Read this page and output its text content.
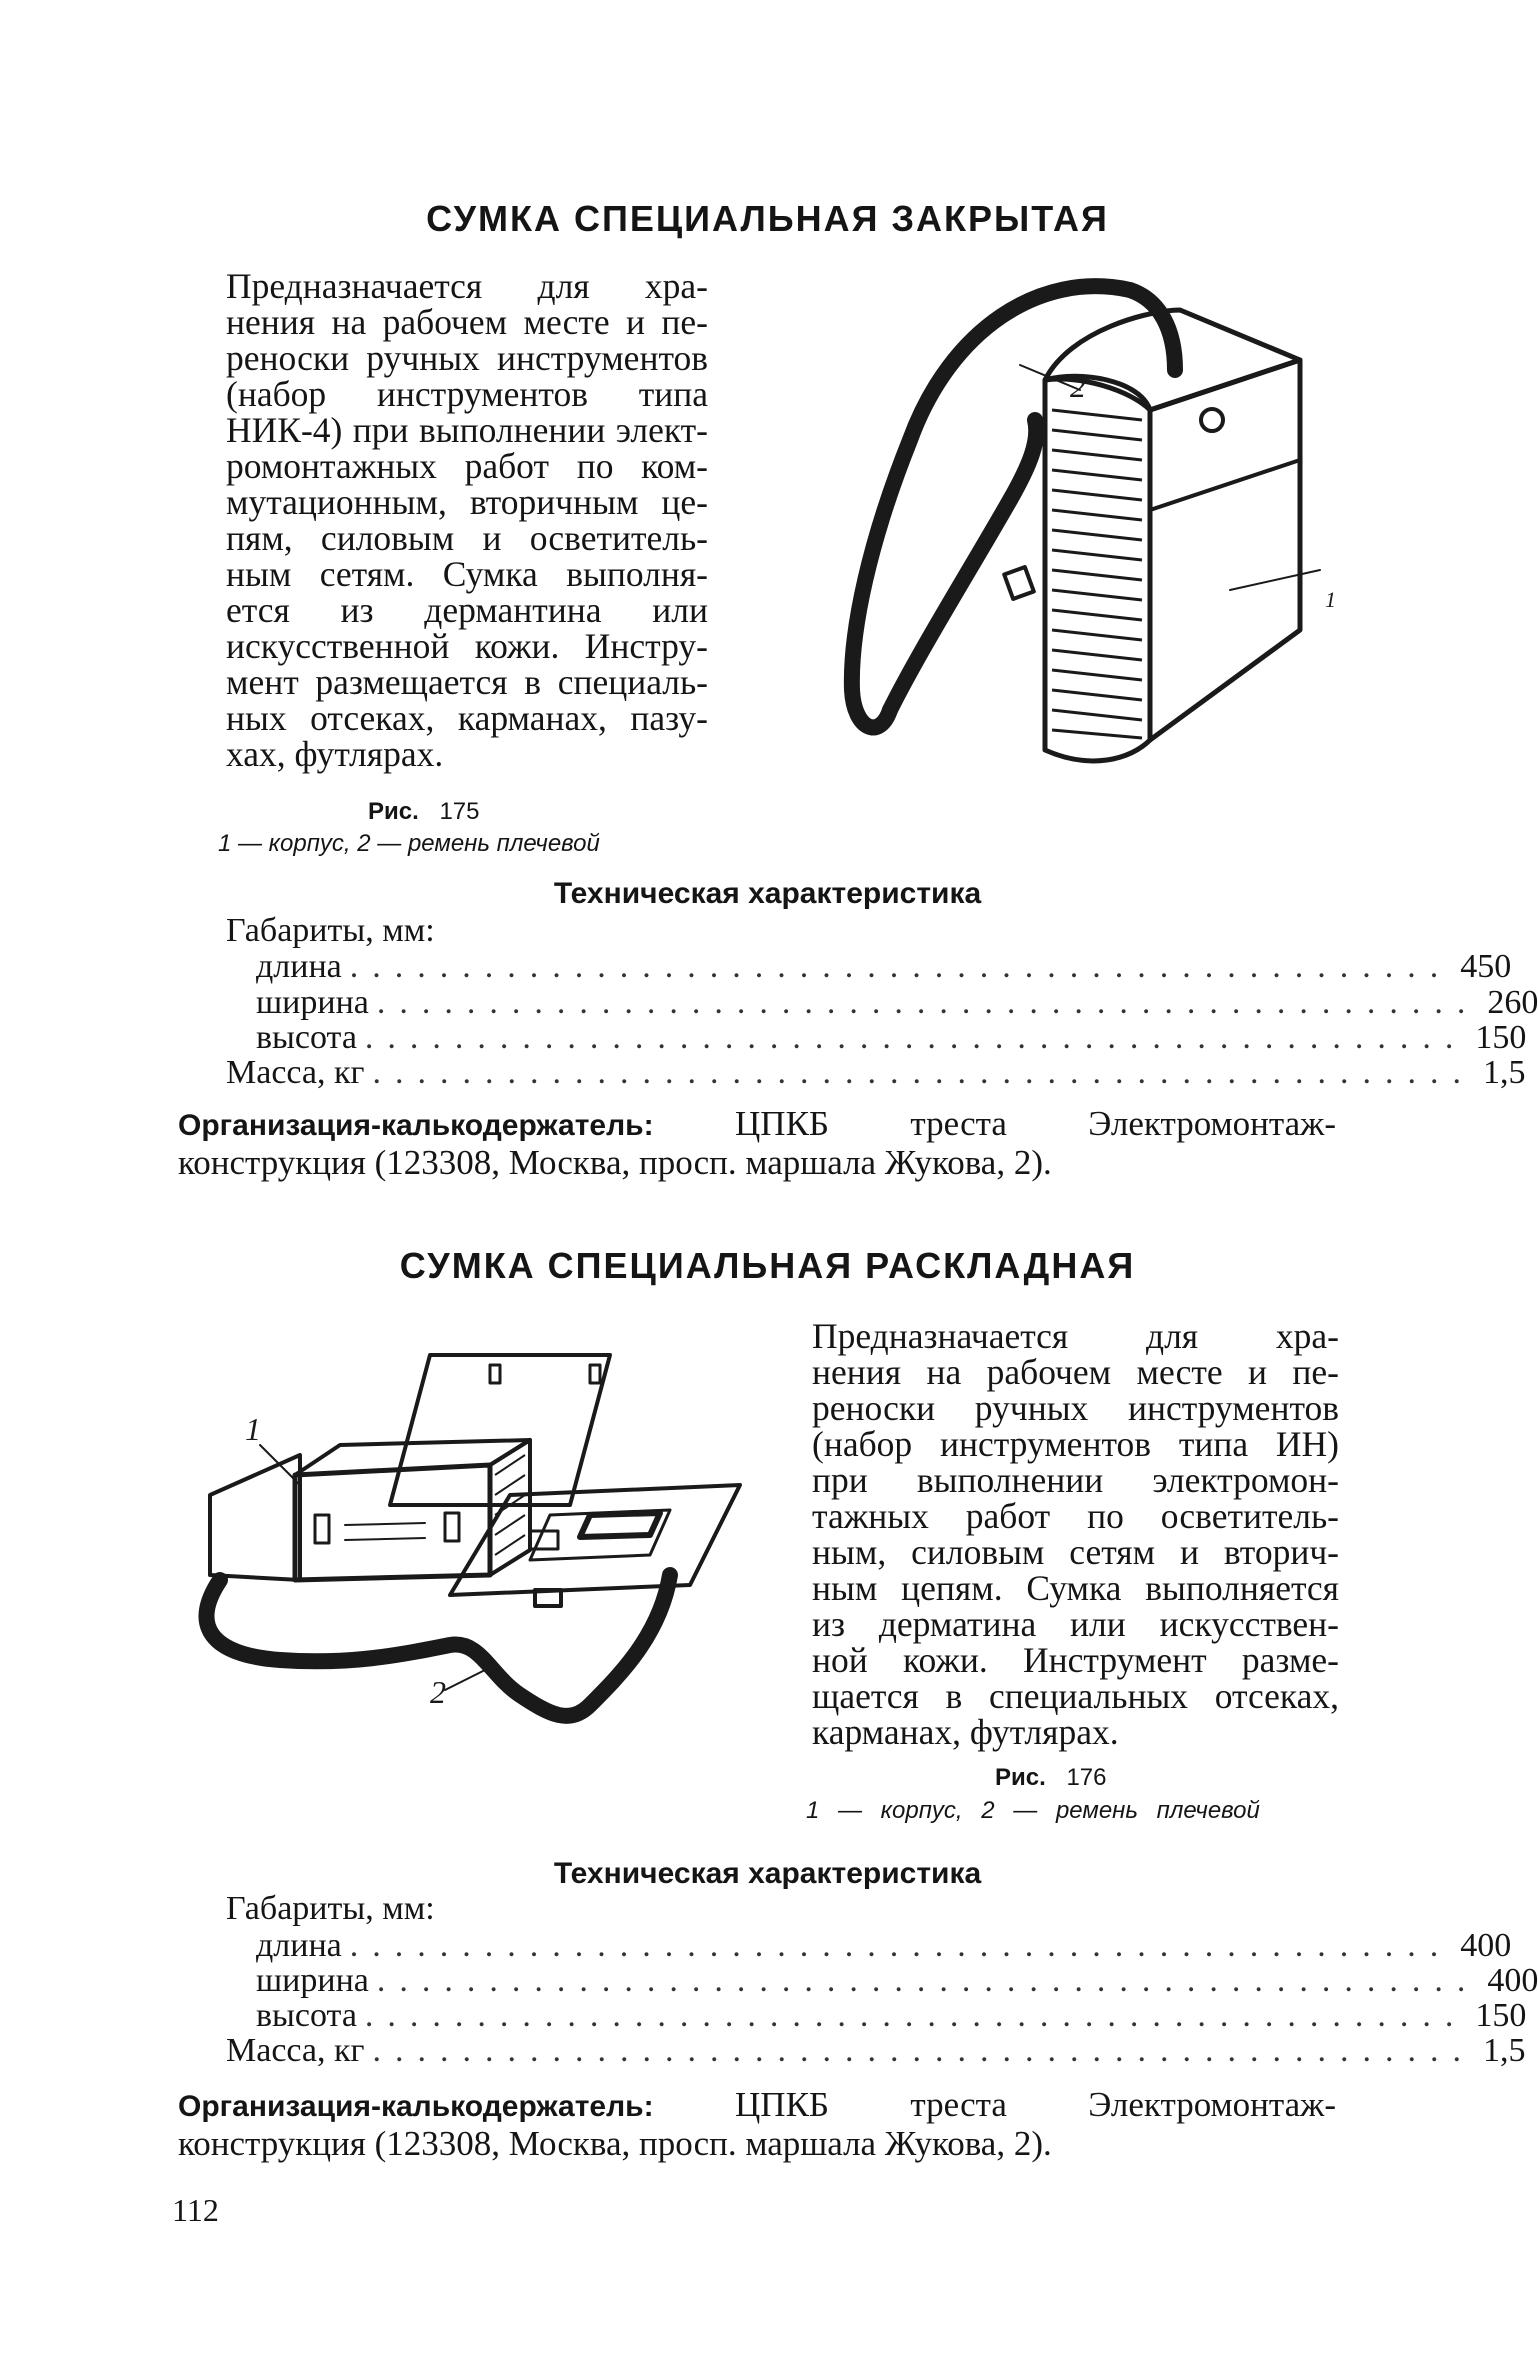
СУМКА СПЕЦИАЛЬНАЯ ЗАКРЫТАЯ
Предназначается для хра-
нения на рабочем месте и пе-
реноски ручных инструментов
(набор инструментов типа
НИК-4) при выполнении элект-
ромонтажных работ по ком-
мутационным, вторичным це-
пям, силовым и осветитель-
ным сетям. Сумка выполня-
ется из дермантина или
искусственной кожи. Инстру-
мент размещается в специаль-
ных отсеках, карманах, пазу-
хах, футлярах.
2
1
Рис. 175
1 — корпус, 2 — ремень плечевой
Техническая характеристика
Габариты, мм:
длина ................................................. 450
ширина ................................................. 260
высота ................................................. 150
Масса, кг ................................................. 1,5
Организация-калькодержатель: ЦПКБ треста Электромонтаж-
конструкция (123308, Москва, просп. маршала Жукова, 2).
СУМКА СПЕЦИАЛЬНАЯ РАСКЛАДНАЯ
1
2
Предназначается для хра-
нения на рабочем месте и пе-
реноски ручных инструментов
(набор инструментов типа ИН)
при выполнении электромон-
тажных работ по осветитель-
ным, силовым сетям и вторич-
ным цепям. Сумка выполняется
из дерматина или искусствен-
ной кожи. Инструмент разме-
щается в специальных отсеках,
карманах, футлярах.
Рис. 176
1 — корпус, 2 — ремень плечевой
Техническая характеристика
Габариты, мм:
длина ................................................. 400
ширина ................................................. 400
высота ................................................. 150
Масса, кг ................................................. 1,5
Организация-калькодержатель: ЦПКБ треста Электромонтаж-
конструкция (123308, Москва, просп. маршала Жукова, 2).
112
